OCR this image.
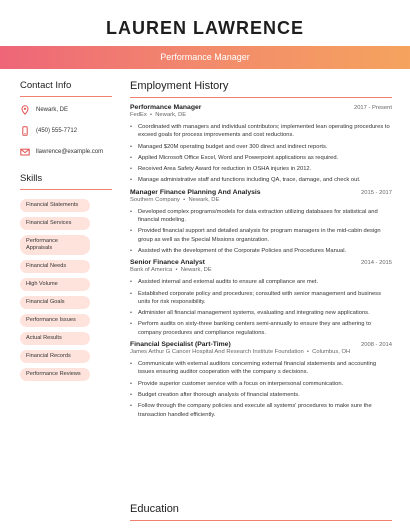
LAUREN LAWRENCE
Performance Manager
Contact Info
Newark, DE
(450) 555-7712
llawrence@example.com
Skills
Financial Statements
Financial Services
Performance Appraisals
Financial Needs
High Volume
Financial Goals
Performance Issues
Actual Results
Financial Records
Performance Reviews
Employment History
Performance Manager	2017 - Present
FedEx  •  Newark, DE
• Coordinated with managers and individual contributors; implemented lean operating procedures to exceed goals for process improvements and cost reductions.
• Managed $20M operating budget and over 300 direct and indirect reports.
• Applied Microsoft Office Excel, Word and Powerpoint applications as required.
• Received Area Safety Award for reduction in OSHA injuries in 2012.
• Manage administrative staff and functions including QA, trace, damage, and check out.
Manager Finance Planning And Analysis	2015 - 2017
Southern Company  •  Newark, DE
• Developed complex programs/models for data extraction utilizing databases for statistical and financial modeling.
• Provided financial support and detailed analysis for program managers in the mid-cabin design group as well as the Special Missions organization.
• Assisted with the development of the Corporate Policies and Procedures Manual.
Senior Finance Analyst	2014 - 2015
Bank of America  •  Newark, DE
• Assisted internal and external audits to ensure all compliance are met.
• Established corporate policy and procedures; consulted with senior management and business units for risk responsibility.
• Administer all financial management systems, evaluating and integrating new applications.
• Perform audits on sixty-three banking centers semi-annually to ensure they are adhering to company procedures and compliance regulations.
Financial Specialist (Part-Time)	2008 - 2014
James Arthur G Cancer Hospital And Research Institute Foundation  •  Columbus, OH
• Communicate with external auditors concerning external financial statements and accounting issues ensuring auditor cooperation with the company s decisions.
• Provide superior customer service with a focus on interpersonal communication.
• Budget creation after thorough analysis of financial statements.
• Follow through the company policies and execute all systems' procedures to make sure the transaction handled efficiently.
Education
